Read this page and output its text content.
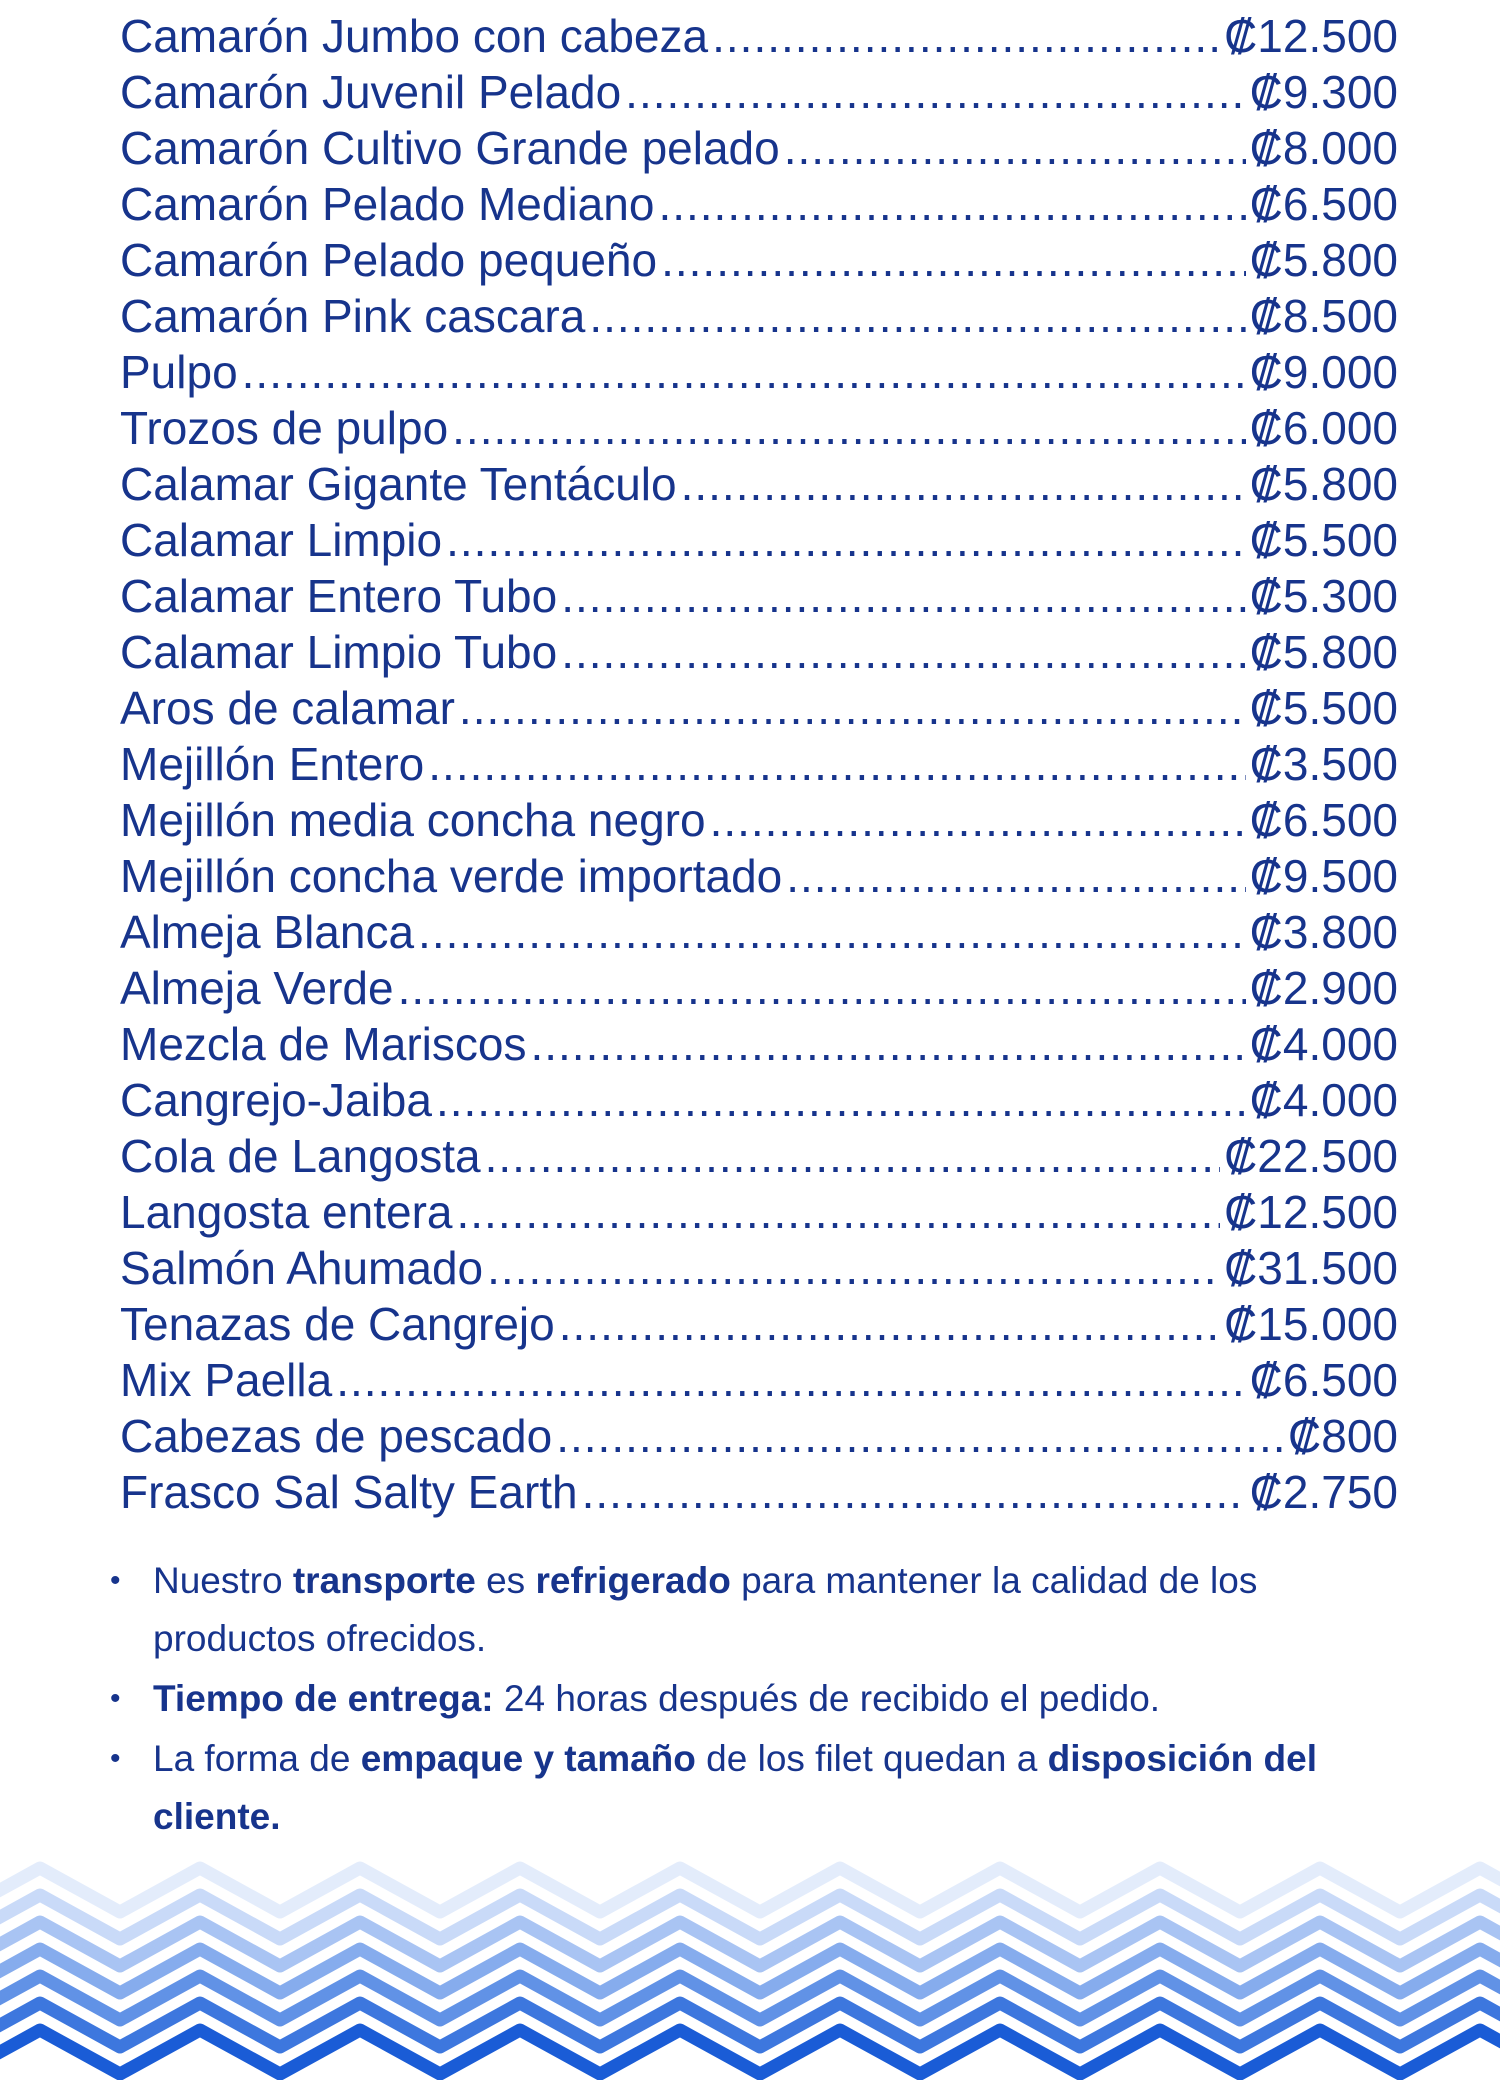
Camarón Jumbo con cabeza .....	₡12.500
Camarón Juvenil Pelado .....	₡9.300
Camarón Cultivo Grande pelado .....	₡8.000
Camarón Pelado Mediano .....	₡6.500
Camarón Pelado pequeño .....	₡5.800
Camarón Pink cascara .....	₡8.500
Pulpo .....	₡9.000
Trozos de pulpo .....	₡6.000
Calamar Gigante Tentáculo .....	₡5.800
Calamar Limpio .....	₡5.500
Calamar Entero Tubo .....	₡5.300
Calamar Limpio Tubo .....	₡5.800
Aros de calamar .....	₡5.500
Mejillón Entero .....	₡3.500
Mejillón media concha negro .....	₡6.500
Mejillón concha verde importado .....	₡9.500
Almeja Blanca .....	₡3.800
Almeja Verde .....	₡2.900
Mezcla de Mariscos .....	₡4.000
Cangrejo-Jaiba .....	₡4.000
Cola de Langosta .....	₡22.500
Langosta entera .....	₡12.500
Salmón Ahumado .....	₡31.500
Tenazas de Cangrejo .....	₡15.000
Mix Paella .....	₡6.500
Cabezas de pescado .....	₡800
Frasco Sal Salty Earth .....	₡2.750
• Nuestro transporte es refrigerado para mantener la calidad de los productos ofrecidos.
• Tiempo de entrega: 24 horas después de recibido el pedido.
• La forma de empaque y tamaño de los filet quedan a disposición del cliente.
